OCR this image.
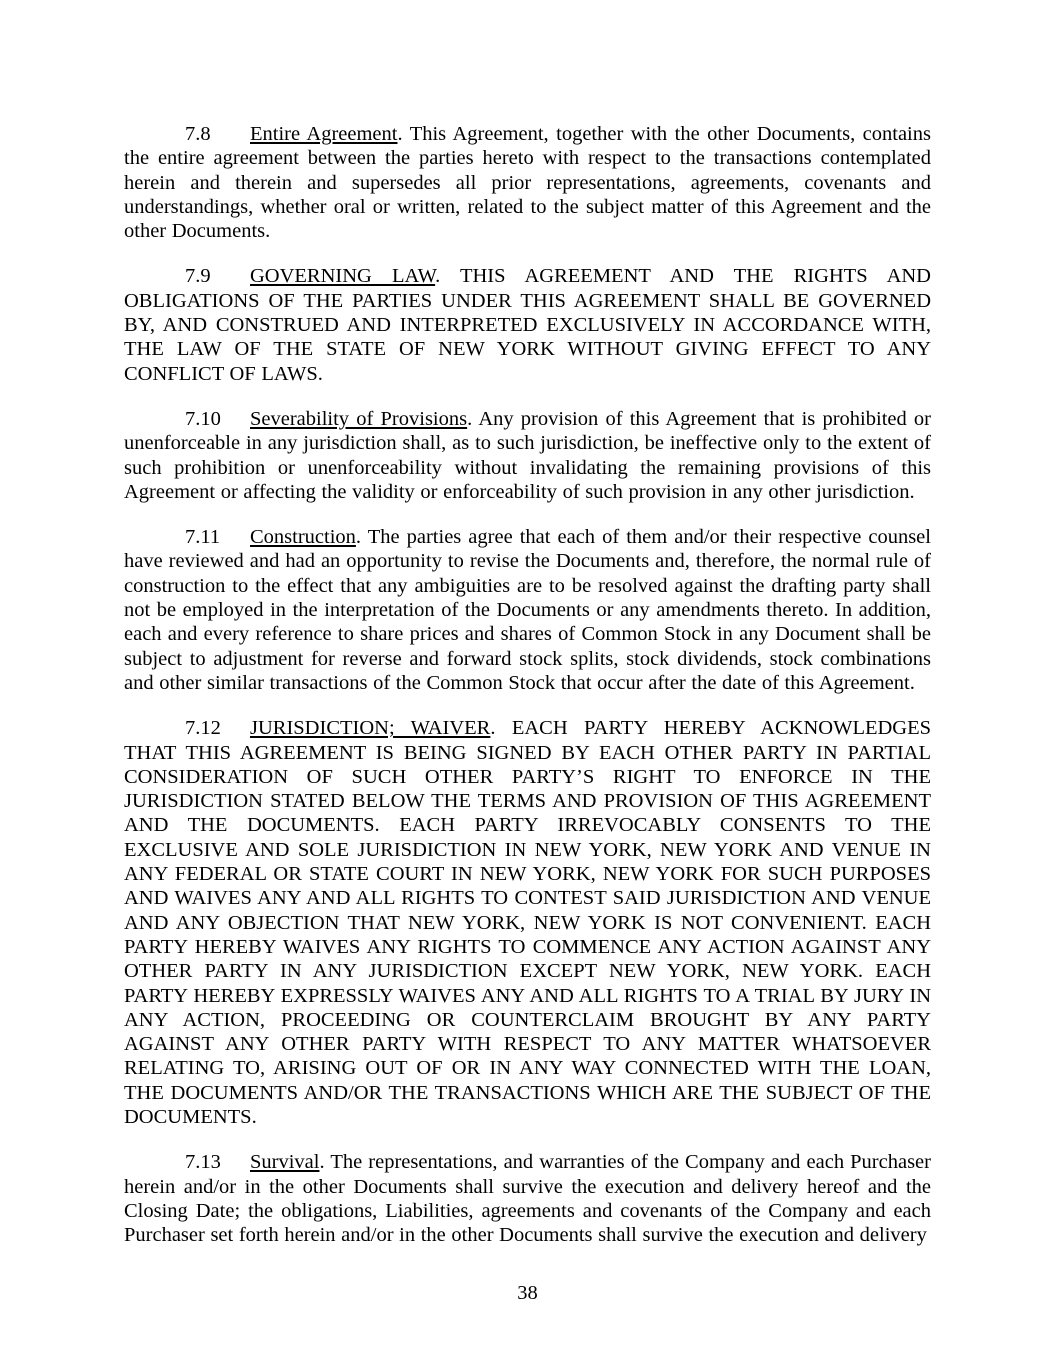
7.8 Entire Agreement. This Agreement, together with the other Documents, contains the entire agreement between the parties hereto with respect to the transactions contemplated herein and therein and supersedes all prior representations, agreements, covenants and understandings, whether oral or written, related to the subject matter of this Agreement and the other Documents.

7.9 GOVERNING LAW. THIS AGREEMENT AND THE RIGHTS AND OBLIGATIONS OF THE PARTIES UNDER THIS AGREEMENT SHALL BE GOVERNED BY, AND CONSTRUED AND INTERPRETED EXCLUSIVELY IN ACCORDANCE WITH, THE LAW OF THE STATE OF NEW YORK WITHOUT GIVING EFFECT TO ANY CONFLICT OF LAWS.

7.10 Severability of Provisions. Any provision of this Agreement that is prohibited or unenforceable in any jurisdiction shall, as to such jurisdiction, be ineffective only to the extent of such prohibition or unenforceability without invalidating the remaining provisions of this Agreement or affecting the validity or enforceability of such provision in any other jurisdiction.

7.11 Construction. The parties agree that each of them and/or their respective counsel have reviewed and had an opportunity to revise the Documents and, therefore, the normal rule of construction to the effect that any ambiguities are to be resolved against the drafting party shall not be employed in the interpretation of the Documents or any amendments thereto. In addition, each and every reference to share prices and shares of Common Stock in any Document shall be subject to adjustment for reverse and forward stock splits, stock dividends, stock combinations and other similar transactions of the Common Stock that occur after the date of this Agreement.

7.12 JURISDICTION; WAIVER. EACH PARTY HEREBY ACKNOWLEDGES THAT THIS AGREEMENT IS BEING SIGNED BY EACH OTHER PARTY IN PARTIAL CONSIDERATION OF SUCH OTHER PARTY’S RIGHT TO ENFORCE IN THE JURISDICTION STATED BELOW THE TERMS AND PROVISION OF THIS AGREEMENT AND THE DOCUMENTS. EACH PARTY IRREVOCABLY CONSENTS TO THE EXCLUSIVE AND SOLE JURISDICTION IN NEW YORK, NEW YORK AND VENUE IN ANY FEDERAL OR STATE COURT IN NEW YORK, NEW YORK FOR SUCH PURPOSES AND WAIVES ANY AND ALL RIGHTS TO CONTEST SAID JURISDICTION AND VENUE AND ANY OBJECTION THAT NEW YORK, NEW YORK IS NOT CONVENIENT. EACH PARTY HEREBY WAIVES ANY RIGHTS TO COMMENCE ANY ACTION AGAINST ANY OTHER PARTY IN ANY JURISDICTION EXCEPT NEW YORK, NEW YORK. EACH PARTY HEREBY EXPRESSLY WAIVES ANY AND ALL RIGHTS TO A TRIAL BY JURY IN ANY ACTION, PROCEEDING OR COUNTERCLAIM BROUGHT BY ANY PARTY AGAINST ANY OTHER PARTY WITH RESPECT TO ANY MATTER WHATSOEVER RELATING TO, ARISING OUT OF OR IN ANY WAY CONNECTED WITH THE LOAN, THE DOCUMENTS AND/OR THE TRANSACTIONS WHICH ARE THE SUBJECT OF THE DOCUMENTS.

7.13 Survival. The representations, and warranties of the Company and each Purchaser herein and/or in the other Documents shall survive the execution and delivery hereof and the Closing Date; the obligations, Liabilities, agreements and covenants of the Company and each Purchaser set forth herein and/or in the other Documents shall survive the execution and delivery

38
